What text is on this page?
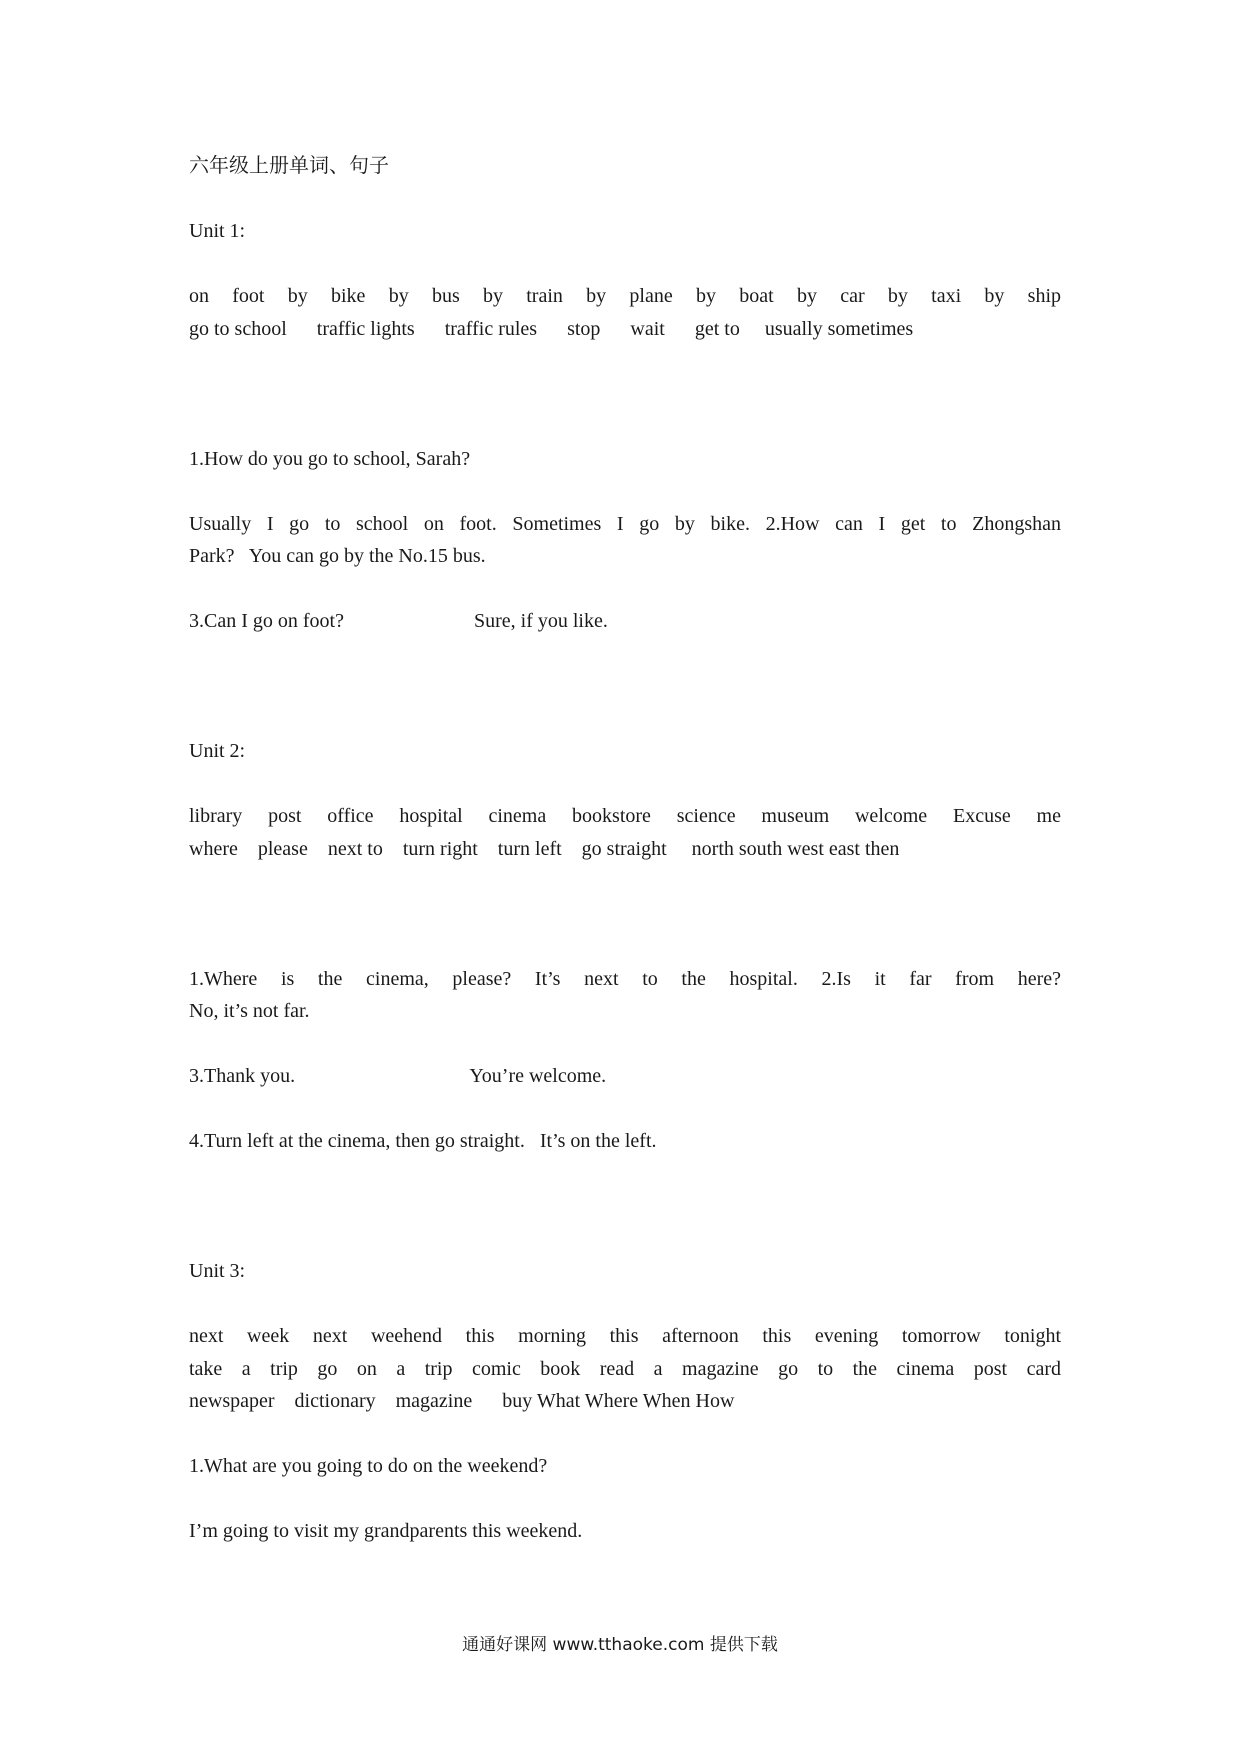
六年级上册单词、句子
Unit 1:
on foot by bike by bus by train by plane by boat by car by taxi by ship
go to school      traffic lights      traffic rules      stop      wait      get to     usually sometimes
1.How do you go to school, Sarah?
Usually I go to school on foot. Sometimes I go by bike. 2.How can I get to Zhongshan
Park?   You can go by the No.15 bus.
3.Can I go on foot?                          Sure, if you like.
Unit 2:
library post office hospital cinema bookstore science museum welcome Excuse me
where    please    next to    turn right    turn left    go straight     north south west east then
1.Where is the cinema, please? It’s next to the hospital. 2.Is it far from here?
No, it’s not far.
3.Thank you.                                   You’re welcome.
4.Turn left at the cinema, then go straight.   It’s on the left.
Unit 3:
next week next weehend this morning this afternoon this evening tomorrow tonight
take a trip go on a trip comic book read a magazine go to the cinema post card
newspaper    dictionary    magazine      buy What Where When How
1.What are you going to do on the weekend?
I’m going to visit my grandparents this weekend.
通通好课网 www.tthaoke.com 提供下载
